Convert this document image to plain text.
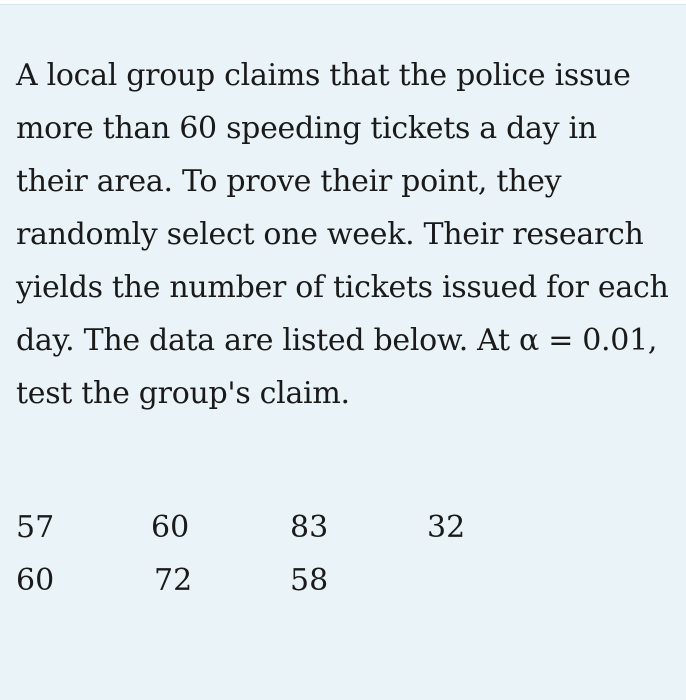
A local group claims that the police issue more than 60 speeding tickets a day in their area. To prove their point, they randomly select one week. Their research yields the number of tickets issued for each day. The data are listed below. At α = 0.01, test the group's claim.

57	60	83	32
60	72	58
